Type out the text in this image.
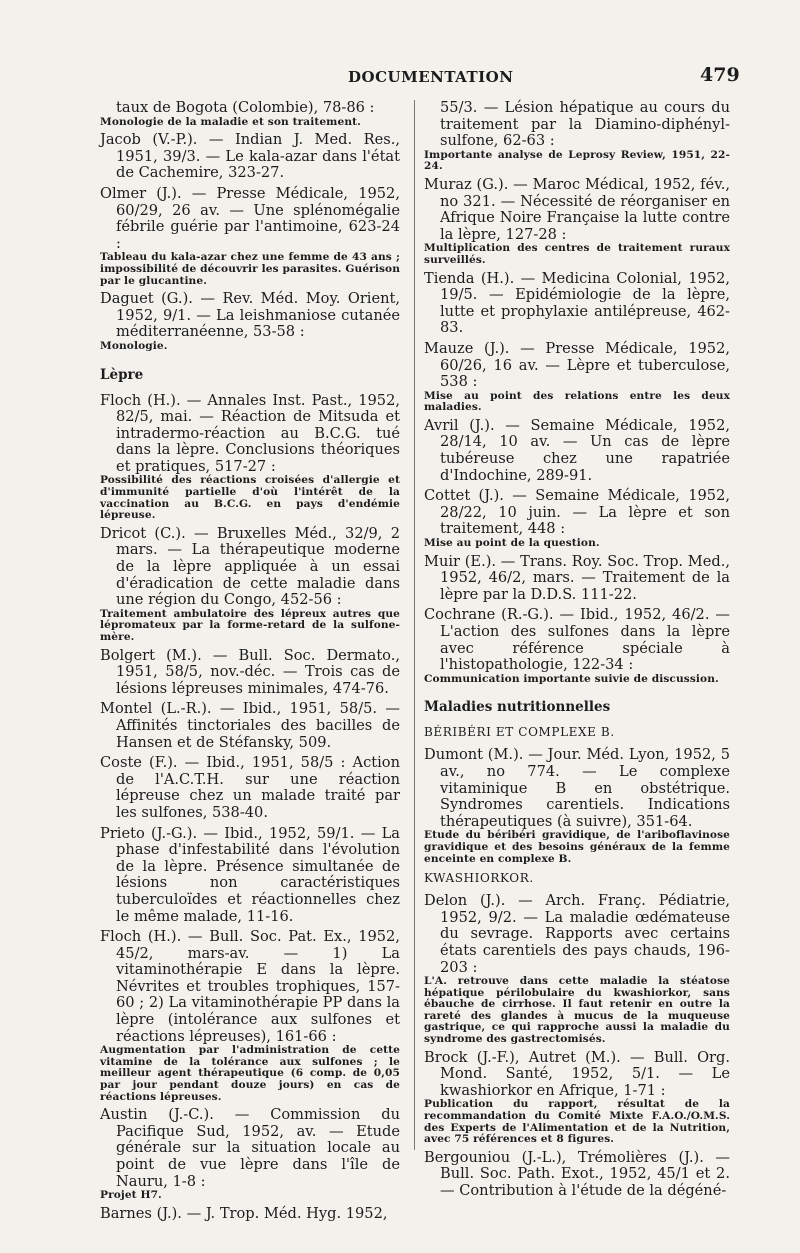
DOCUMENTATION	479

taux de Bogota (Colombie), 78-86 :

Monologie de la maladie et son traitement.

Jacob (V.-P.). — Indian J. Med. Res., 1951, 39/3. — Le kala-azar dans l'état de Cachemire, 323-27.

Olmer (J.). — Presse Médicale, 1952, 60/29, 26 av. — Une splénomégalie fébrile guérie par l'antimoine, 623-24 :

Tableau du kala-azar chez une femme de 43 ans ; impossibilité de découvrir les parasites. Guérison par le glucantine.

Daguet (G.). — Rev. Méd. Moy. Orient, 1952, 9/1. — La leishmaniose cutanée méditerranéenne, 53-58 :

Monologie.

Lèpre

Floch (H.). — Annales Inst. Past., 1952, 82/5, mai. — Réaction de Mitsuda et intradermo-réaction au B.C.G. tué dans la lèpre. Conclusions théoriques et pratiques, 517-27 :

Possibilité des réactions croisées d'allergie et d'immunité partielle d'où l'intérêt de la vaccination au B.C.G. en pays d'endémie lépreuse.

Dricot (C.). — Bruxelles Méd., 32/9, 2 mars. — La thérapeutique moderne de la lèpre appliquée à un essai d'éradication de cette maladie dans une région du Congo, 452-56 :

Traitement ambulatoire des lépreux autres que lépromateux par la forme-retard de la sulfone-mère.

Bolgert (M.). — Bull. Soc. Dermato., 1951, 58/5, nov.-déc. — Trois cas de lésions lépreuses minimales, 474-76.

Montel (L.-R.). — Ibid., 1951, 58/5. — Affinités tinctoriales des bacilles de Hansen et de Stéfansky, 509.

Coste (F.). — Ibid., 1951, 58/5 : Action de l'A.C.T.H. sur une réaction lépreuse chez un malade traité par les sulfones, 538-40.

Prieto (J.-G.). — Ibid., 1952, 59/1. — La phase d'infestabilité dans l'évolution de la lèpre. Présence simultanée de lésions non caractéristiques tuberculoïdes et réactionnelles chez le même malade, 11-16.

Floch (H.). — Bull. Soc. Pat. Ex., 1952, 45/2, mars-av. — 1) La vitaminothérapie E dans la lèpre. Névrites et troubles trophiques, 157-60 ; 2) La vitaminothérapie PP dans la lèpre (intolérance aux sulfones et réactions lépreuses), 161-66 :

Augmentation par l'administration de cette vitamine de la tolérance aux sulfones ; le meilleur agent thérapeutique (6 comp. de 0,05 par jour pendant douze jours) en cas de réactions lépreuses.

Austin (J.-C.). — Commission du Pacifique Sud, 1952, av. — Etude générale sur la situation locale au point de vue lèpre dans l'île de Nauru, 1-8 :

Projet H7.

Barnes (J.). — J. Trop. Méd. Hyg. 1952,

55/3. — Lésion hépatique au cours du traitement par la Diamino-diphényl-sulfone, 62-63 :

Importante analyse de Leprosy Review, 1951, 22-24.

Muraz (G.). — Maroc Médical, 1952, fév., no 321. — Nécessité de réorganiser en Afrique Noire Française la lutte contre la lèpre, 127-28 :

Multiplication des centres de traitement ruraux surveillés.

Tienda (H.). — Medicina Colonial, 1952, 19/5. — Epidémiologie de la lèpre, lutte et prophylaxie antilépreuse, 462-83.

Mauze (J.). — Presse Médicale, 1952, 60/26, 16 av. — Lèpre et tuberculose, 538 :

Mise au point des relations entre les deux maladies.

Avril (J.). — Semaine Médicale, 1952, 28/14, 10 av. — Un cas de lèpre tubéreuse chez une rapatriée d'Indochine, 289-91.

Cottet (J.). — Semaine Médicale, 1952, 28/22, 10 juin. — La lèpre et son traitement, 448 :

Mise au point de la question.

Muir (E.). — Trans. Roy. Soc. Trop. Med., 1952, 46/2, mars. — Traitement de la lèpre par la D.D.S. 111-22.

Cochrane (R.-G.). — Ibid., 1952, 46/2. — L'action des sulfones dans la lèpre avec référence spéciale à l'histopathologie, 122-34 :

Communication importante suivie de discussion.

Maladies nutritionnelles
BÉRIBÉRI ET COMPLEXE B.

Dumont (M.). — Jour. Méd. Lyon, 1952, 5 av., no 774. — Le complexe vitaminique B en obstétrique. Syndromes carentiels. Indications thérapeutiques (à suivre), 351-64.

Etude du béribéri gravidique, de l'ariboflavinose gravidique et des besoins généraux de la femme enceinte en complexe B.

KWASHIORKOR.

Delon (J.). — Arch. Franç. Pédiatrie, 1952, 9/2. — La maladie œdémateuse du sevrage. Rapports avec certains états carentiels des pays chauds, 196-203 :

L'A. retrouve dans cette maladie la stéatose hépatique périlobulaire du kwashiorkor, sans ébauche de cirrhose. Il faut retenir en outre la rareté des glandes à mucus de la muqueuse gastrique, ce qui rapproche aussi la maladie du syndrome des gastrectomisés.

Brock (J.-F.), Autret (M.). — Bull. Org. Mond. Santé, 1952, 5/1. — Le kwashiorkor en Afrique, 1-71 :

Publication du rapport, résultat de la recommandation du Comité Mixte F.A.O./O.M.S. des Experts de l'Alimentation et de la Nutrition, avec 75 références et 8 figures.

Bergouniou (J.-L.), Trémolières (J.). — Bull. Soc. Path. Exot., 1952, 45/1 et 2. — Contribution à l'étude de la dégéné-
